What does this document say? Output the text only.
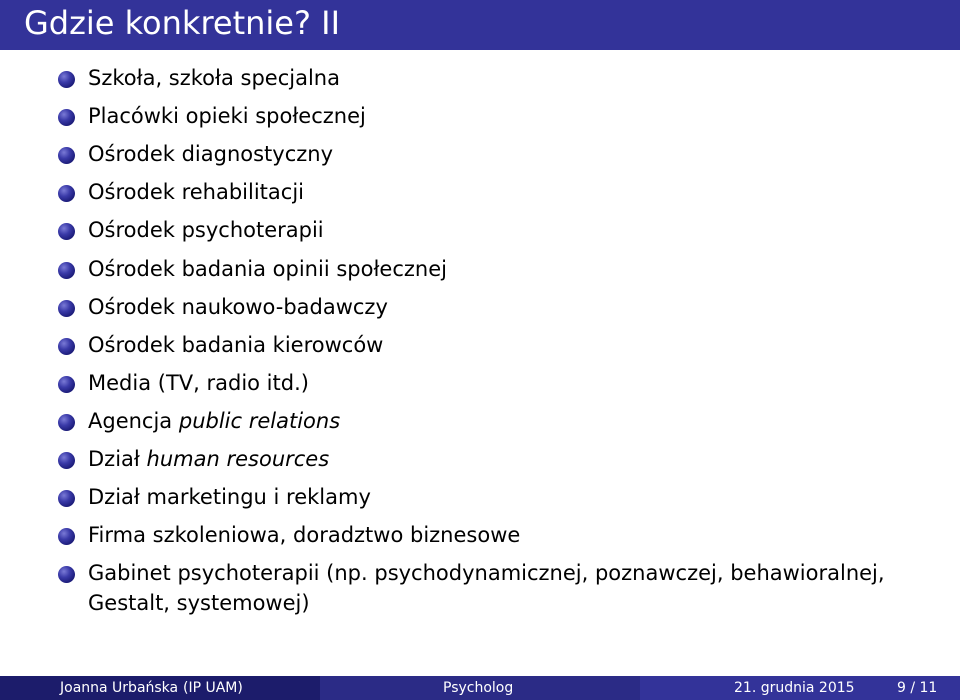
Gdzie konkretnie? II
Szkoła, szkoła specjalna
Placówki opieki społecznej
Ośrodek diagnostyczny
Ośrodek rehabilitacji
Ośrodek psychoterapii
Ośrodek badania opinii społecznej
Ośrodek naukowo-badawczy
Ośrodek badania kierowców
Media (TV, radio itd.)
Agencja public relations
Dział human resources
Dział marketingu i reklamy
Firma szkoleniowa, doradztwo biznesowe
Gabinet psychoterapii (np. psychodynamicznej, poznawczej, behawioralnej, Gestalt, systemowej)
Joanna Urbańska (IP UAM)	Psycholog	21. grudnia 2015	9 / 11
